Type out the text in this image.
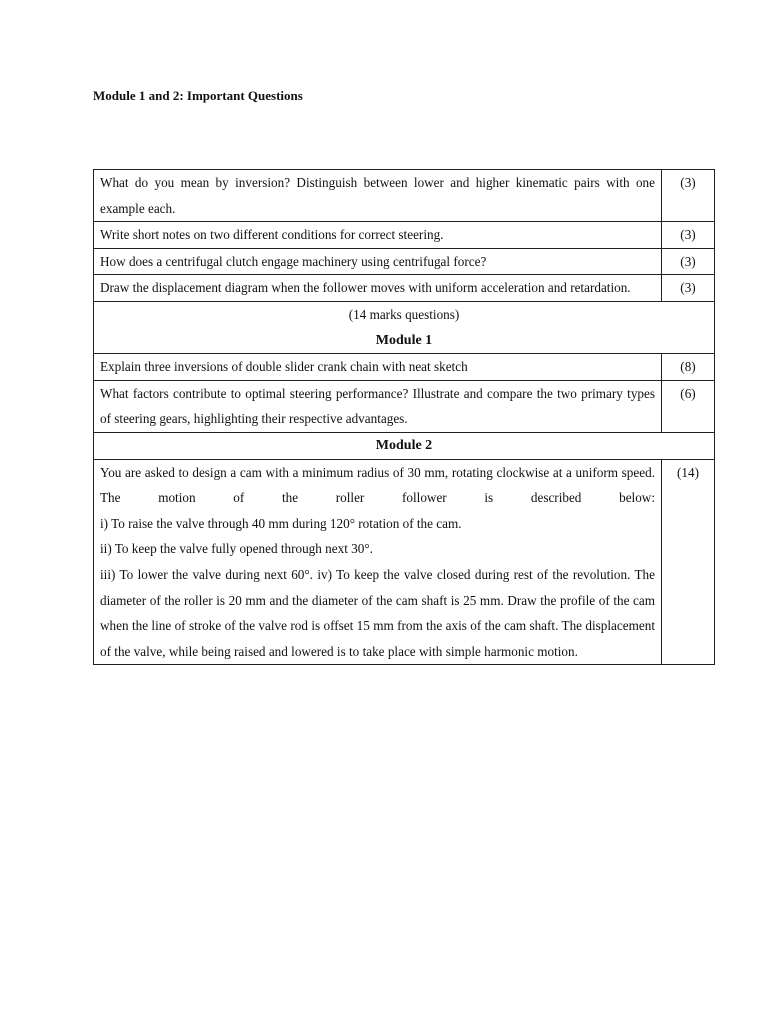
Module 1 and 2: Important Questions

What do you mean by inversion? Distinguish between lower and higher kinematic pairs with one example each.	(3)
Write short notes on two different conditions for correct steering.	(3)
How does a centrifugal clutch engage machinery using centrifugal force?	(3)
Draw the displacement diagram when the follower moves with uniform acceleration and retardation.	(3)

(14 marks questions)
Module 1	

Explain three inversions of double slider crank chain with neat sketch	(8)
What factors contribute to optimal steering performance? Illustrate and compare the two primary types of steering gears, highlighting their respective advantages.	(6)

Module 2	

You are asked to design a cam with a minimum radius of 30 mm, rotating clockwise at a uniform speed. The motion of the roller follower is described below:
i) To raise the valve through 40 mm during 120° rotation of the cam.
ii) To keep the valve fully opened through next 30°.
iii) To lower the valve during next 60°. iv) To keep the valve closed during rest of the revolution. The diameter of the roller is 20 mm and the diameter of the cam shaft is 25 mm. Draw the profile of the cam when the line of stroke of the valve rod is offset 15 mm from the axis of the cam shaft. The displacement of the valve, while being raised and lowered is to take place with simple harmonic motion.	(14)
